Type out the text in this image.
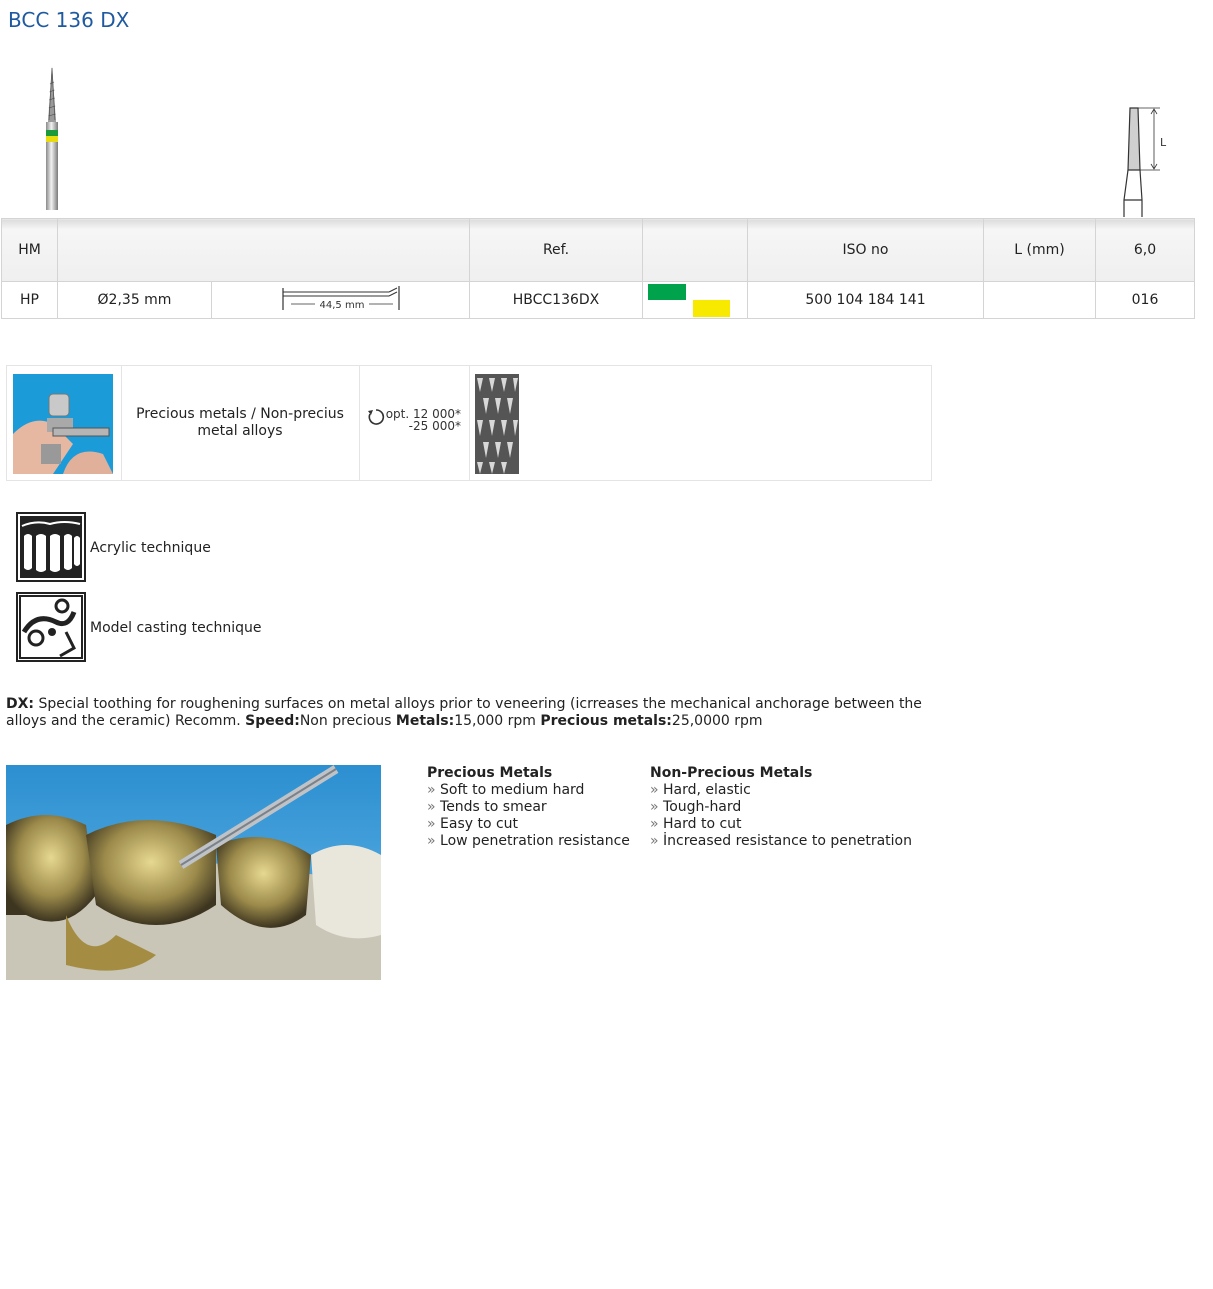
BCC 136 DX
L
HM			Ref.		ISO no	L (mm)	6,0
HP	Ø2,35 mm	44,5 mm	HBCC136DX		500 104 184 141		016
Precious metals / Non-precius metal alloys
opt. 12 000*
-25 000*
Acrylic technique
Model casting technique
DX: Special toothing for roughening surfaces on metal alloys prior to veneering (icrreases the mechanical anchorage between the alloys and the ceramic) Recomm. Speed:Non precious Metals:15,000 rpm Precious metals:25,0000 rpm
Precious Metals
» Soft to medium hard
» Tends to smear
» Easy to cut
» Low penetration resistance
Non-Precious Metals
» Hard, elastic
» Tough-hard
» Hard to cut
» İncreased resistance to penetration
